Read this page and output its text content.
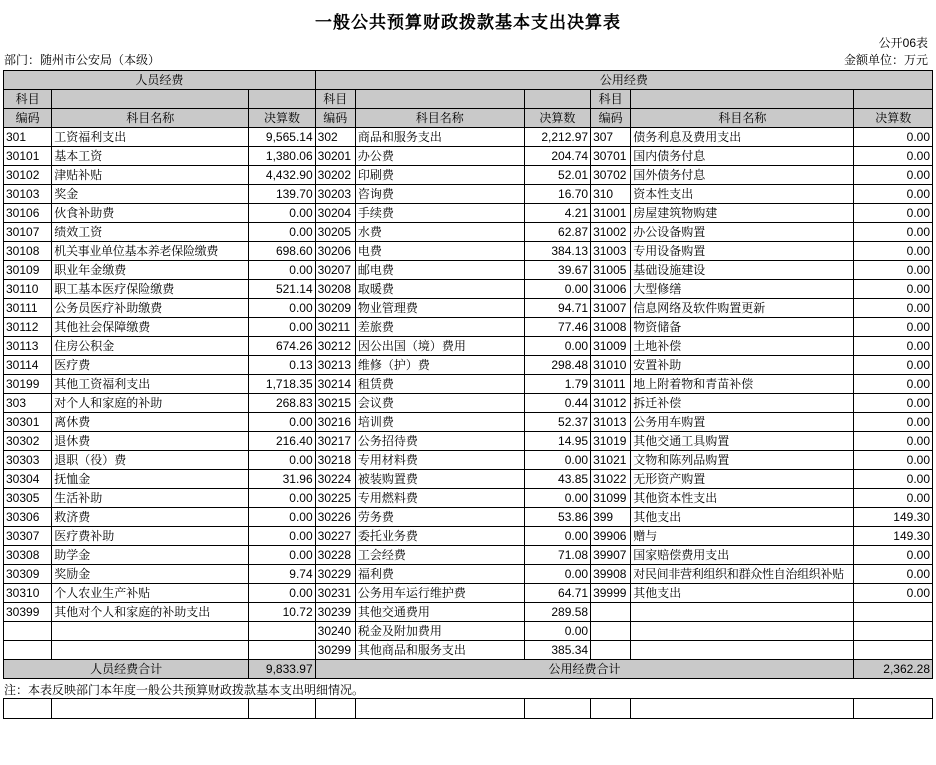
一般公共预算财政拨款基本支出决算表
公开06表
部门：随州市公安局（本级）	金额单位：万元
人员经费			公用经费					

科目			科目			科目		

编码	科目名称	决算数	编码	科目名称	决算数	编码	科目名称	决算数
301	工资福利支出	9,565.14	302	商品和服务支出	2,212.97	307	债务利息及费用支出	0.00
30101	基本工资	1,380.06	30201	办公费	204.74	30701	国内债务付息	0.00
30102	津贴补贴	4,432.90	30202	印刷费	52.01	30702	国外债务付息	0.00
30103	奖金	139.70	30203	咨询费	16.70	310	资本性支出	0.00
30106	伙食补助费	0.00	30204	手续费	4.21	31001	房屋建筑物购建	0.00
30107	绩效工资	0.00	30205	水费	62.87	31002	办公设备购置	0.00
30108	机关事业单位基本养老保险缴费	698.60	30206	电费	384.13	31003	专用设备购置	0.00
30109	职业年金缴费	0.00	30207	邮电费	39.67	31005	基础设施建设	0.00
30110	职工基本医疗保险缴费	521.14	30208	取暖费	0.00	31006	大型修缮	0.00
30111	公务员医疗补助缴费	0.00	30209	物业管理费	94.71	31007	信息网络及软件购置更新	0.00
30112	其他社会保障缴费	0.00	30211	差旅费	77.46	31008	物资储备	0.00
30113	住房公积金	674.26	30212	因公出国（境）费用	0.00	31009	土地补偿	0.00
30114	医疗费	0.13	30213	维修（护）费	298.48	31010	安置补助	0.00
30199	其他工资福利支出	1,718.35	30214	租赁费	1.79	31011	地上附着物和青苗补偿	0.00
303	对个人和家庭的补助	268.83	30215	会议费	0.44	31012	拆迁补偿	0.00
30301	离休费	0.00	30216	培训费	52.37	31013	公务用车购置	0.00
30302	退休费	216.40	30217	公务招待费	14.95	31019	其他交通工具购置	0.00
30303	退职（役）费	0.00	30218	专用材料费	0.00	31021	文物和陈列品购置	0.00
30304	抚恤金	31.96	30224	被装购置费	43.85	31022	无形资产购置	0.00
30305	生活补助	0.00	30225	专用燃料费	0.00	31099	其他资本性支出	0.00
30306	救济费	0.00	30226	劳务费	53.86	399	其他支出	149.30
30307	医疗费补助	0.00	30227	委托业务费	0.00	39906	赠与	149.30
30308	助学金	0.00	30228	工会经费	71.08	39907	国家赔偿费用支出	0.00
30309	奖励金	9.74	30229	福利费	0.00	39908	对民间非营利组织和群众性自治组织补贴	0.00
30310	个人农业生产补贴	0.00	30231	公务用车运行维护费	64.71	39999	其他支出	0.00
30399	其他对个人和家庭的补助支出	10.72	30239	其他交通费用	289.58			
			30240	税金及附加费用	0.00			
			30299	其他商品和服务支出	385.34			
人员经费合计		9,833.97	公用经费合计					2,362.28
注：本表反映部门本年度一般公共预算财政拨款基本支出明细情况。
